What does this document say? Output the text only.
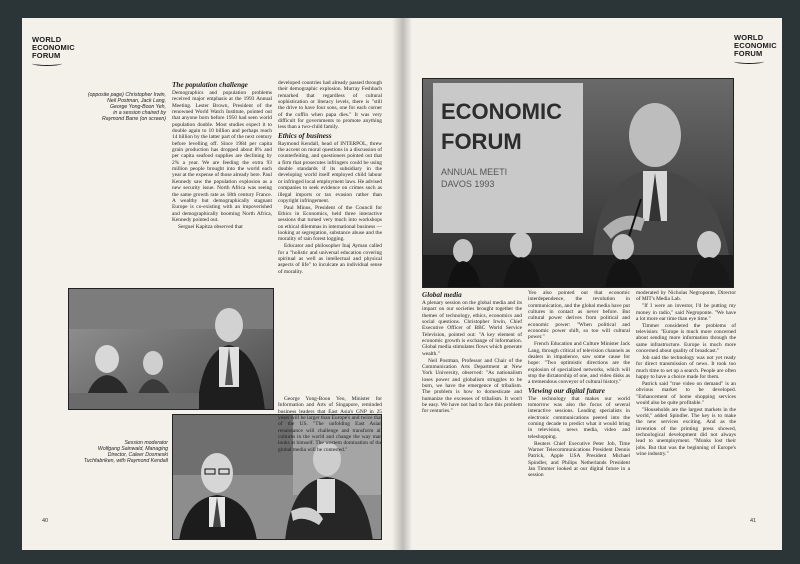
WORLD
ECONOMIC
FORUM
(opposite page) Christopher Irwin,
Neil Postman, Jack Lang,
George Yong-Boon Yeh,
in a session chaired by
Raymond Barre (on screen)
The population challenge

Demographics and population problems received major emphasis at the 1993 Annual Meeting. Lester Brown, President of the renowned World Watch Institute, pointed out that anyone born before 1950 had seen world population double. Most studies expect it to double again to 10 billion and perhaps reach 14 billion by the latter part of the next century before levelling off. Since 1984 per capita grain production has dropped about 8% and per capita seafood supplies are declining by 2% a year. We are feeding the extra 93 million people brought into the world each year at the expense of those already here. Paul Kennedy saw the population explosion as a new security issue. North Africa was seeing the same growth rate as 18th century France. A wealthy but demographically stagnant Europe is co-existing with an impoverished and demographically booming North Africa, Kennedy pointed out.

Serguei Kapitza observed that

developed countries had already passed through their demographic explosion. Murray Feshbach remarked that regardless of cultural sophistication or literacy levels, there is "still the drive to have four sons, one for each corner of the coffin when papa dies." It was very difficult for governments to promote anything less than a two-child family.

Ethics of business

Raymond Kendall, head of INTERPOL, threw the accent on moral questions in a discussion of counterfeiting, and questioners pointed out that a firm that prosecutes infringers could be using double standards if its subsidiary in the developing world itself employed child labour or infringed local employment laws. He advised companies to seek evidence on crimes such as illegal imports or tax evasion rather than copyright infringement.

Paul Minus, President of the Council for Ethics in Economics, held three interactive sessions that turned very much into workshops on ethical dilemmas in international business — looking at segregation, substance abuse and the morality of rain forest logging.

Educator and philosopher Inaj Ayman called for a "holistic and universal education covering spiritual as well as intellectual and physical aspects of life" to inculcate an individual sense of morality.

Session moderator
Wolfgang Sainwald, Managing
Director, Caleer Dosmeski
Tuchfabriken, with Raymond Kendall

George Yong-Boon Yeo, Minister for Information and Arts of Singapore, reminded business leaders that East Asia's GNP in 25 years will be larger than Europe's and twice that of the US. "The unfolding East Asian renaissance will challenge and transform all cultures in the world and change the way man looks at himself. The western domination of the global media will be contested."

40
WORLD
ECONOMIC
FORUM
ECONOMIC
FORUM
ANNUAL MEETI
DAVOS 1993
Global media

A plenary session on the global media and its impact on our societies brought together the themes of technology, ethics, economics and social questions. Christopher Irwin, Chief Executive Officer of BBC World Service Television, pointed out: "A key element of economic growth is exchange of information. Global media stimulates flows which generate wealth."

Neil Postman, Professor and Chair of the Communication Arts Department at New York University, observed: "As nationalism loses power and globalism struggles to be born, we have the emergence of tribalism. The problem is how to domesticate and humanize the excesses of tribalism. It won't be easy. We have not had to face this problem for centuries."

Yeo also pointed out that economic interdependence, the revolution in communication, and the global media have put cultures in contact as never before. But cultural power derives from political and economic power: "When political and economic power shift, so too will cultural power."

French Education and Culture Minister Jack Lang, through critical of television channels as dealers in impatience, saw some cause for hope: "Two optimistic directions are the explosion of specialized networks, which will stop the dictatorship of one, and video disks as a tremendous conveyor of cultural history."

Viewing our digital future

The technology that makes our world tomorrow was also the focus of several interactive sessions. Leading specialists in electronic communications peered into the coming decade to predict what it would bring in television, news media, video and teleshopping.

Reuters Chief Executive Peter Job, Time Warner Telecommunications President Dennis Patrick, Apple USA President Michael Spindler, and Philips Netherlands President Jan Timmer looked at our digital future in a session

moderated by Nicholas Negroponte, Director of MIT's Media Lab.

"If I were an investor, I'd be putting my money in radio," said Negroponte. "We have a lot more ear time than eye time."

Timmer considered the problems of television: "Europe is much more concerned about sending more information through the same infrastructure. Europe is much more concerned about quality of broadcast."

Job said the technology was not yet ready for direct transmission of news. It took too much time to set up a search. People are often happy to have a choice made for them.

Patrick said "true video on demand" is an obvious market to be developed. "Enhancement of home shopping services would also be quite profitable."

"Households are the largest markets in the world," added Spindler. The key is to make the new services exciting. And as the invention of the printing press showed, technological development did not always lead to unemployment. "Monks lost their jobs. But that was the beginning of Europe's wine industry."

41
